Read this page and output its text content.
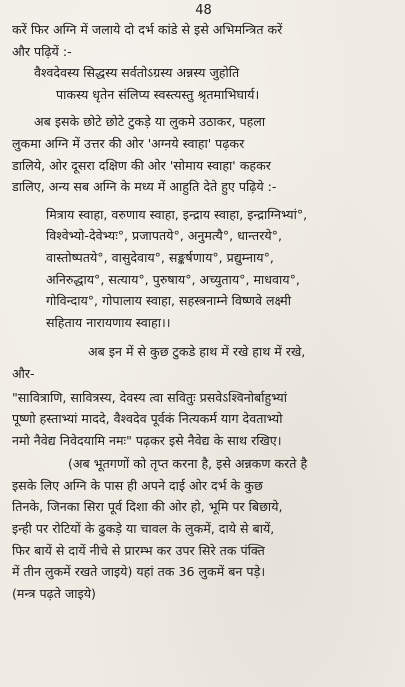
48
करें फिर अग्नि में जलाये दो दर्भ कांडे से इसे अभिमन्त्रित करें
और पढ़ियें :-
वैश्वदेवस्य सिद्धस्य सर्वतोऽग्रस्य अन्नस्य जुहोति
पाकस्य धृतेन संलिप्य स्वस्त्यस्तु श्रृतमाभिघार्य।
अब इसके छोटे छोटे टुकड़े या लुकमे उठाकर, पहला
लुकमा अग्नि में उत्तर की ओर 'अग्नये स्वाहा' पढ़कर
डालिये, ओर दूसरा दक्षिण की ओर 'सोमाय स्वाहा' कहकर
डालिए, अन्य सब अग्नि के मध्य में आहुति देते हुए पढ़िये :-
मित्राय स्वाहा, वरुणाय स्वाहा, इन्द्राय स्वाहा, इन्द्राग्निभ्यां°,
विश्वेभ्यो-देवेभ्यः°, प्रजापतये°, अनुमत्यै°, धान्तरये°,
वास्तोष्पतये°, वासुदेवाय°, सङ्कर्षणाय°, प्रद्युम्नाय°,
अनिरुद्धाय°, सत्याय°, पुरुषाय°, अच्युताय°, माधवाय°,
गोविन्दाय°, गोपालाय स्वाहा, सहस्त्रनाम्ने विष्णवे लक्ष्मी
सहिताय नारायणाय स्वाहा।।
अब इन में से कुछ टुकडे हाथ में रखे हाथ में रखे,
और-
"सावित्राणि, सावित्रस्य, देवस्य त्वा सवितुः प्रसवेऽश्विनोर्बाहुभ्यां
पूष्णो हस्ताभ्यां माददे, वैश्वदेव पूर्वकं नित्यकर्म याग देवताभ्यो
नमो नैवेद्य निवेदयामि नमः" पढ़कर इसे नैवेद्य के साथ रखिए।
(अब भूतगणों को तृप्त करना है, इसे अन्नकण करते है
इसके लिए अग्नि के पास ही अपने दाई ओर दर्भ के कुछ
तिनके, जिनका सिरा पूर्व दिशा की ओर हो, भूमि पर बिछाये,
इन्ही पर रोटियों के ढुकड़े या चावल के लुकमें, दाये से बायें,
फिर बायें से दायें नीचे से प्रारम्भ कर उपर सिरे तक पंक्ति
में तीन लुकमें रखते जाइये) यहां तक 36 लुकमें बन पड़े।
(मन्त्र पढ़ते जाइये)
